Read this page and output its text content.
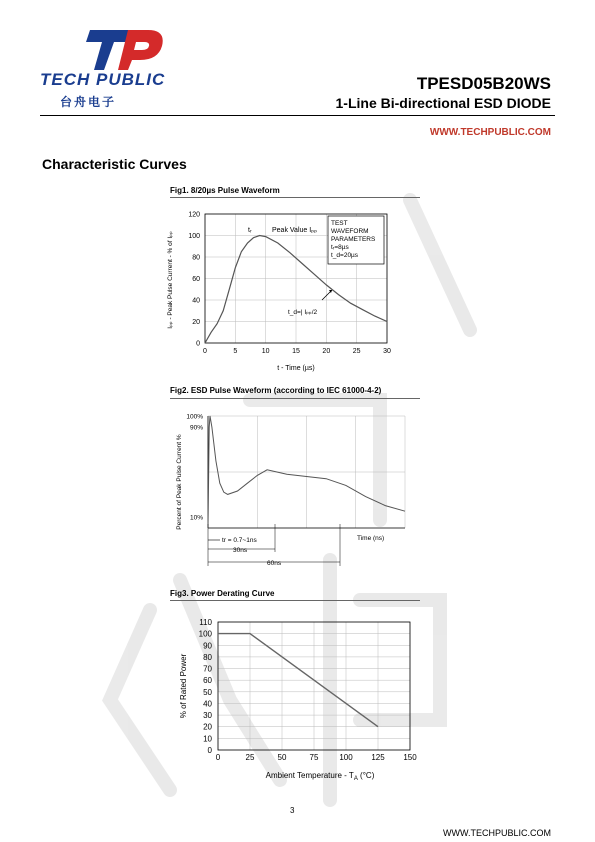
TECH PUBLIC
台舟电子
TPESD05B20WS
1-Line Bi-directional ESD DIODE
WWW.TECHPUBLIC.COM
Characteristic Curves
Fig1. 8/20µs Pulse Waveform
0	5	10	15	20	25	30
0
20
40
60
80
100
120
t - Time (µs)
Iₚₚ - Peak Pulse Current - % of Iₚₚ
tᵣ	Peak Value Iₚₚ
TEST
WAVEFORM
PARAMETERS
tᵣ=8µs
t_d=20µs
t_d=| Iₚₚ/2
Fig2. ESD Pulse Waveform (according to IEC 61000-4-2)
100%
90%
10%
Time (ns)
Percent of Peak Pulse Current %
tr = 0.7~1ns
30ns
60ns
Fig3. Power Derating Curve
0	25	50	75	100 125 150
0
10
20
30
40
50
60
70
80
90
100
110
Ambient Temperature - $T_A$ (°C)
% of Rated Power
3
WWW.TECHPUBLIC.COM
